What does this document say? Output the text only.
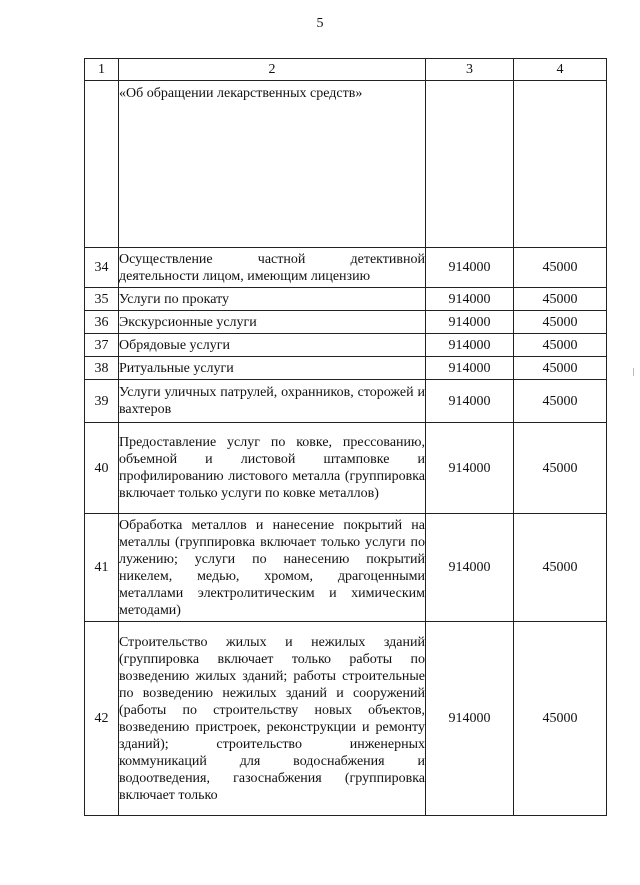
5
1	2	3	4
	«Об обращении лекарственных средств»		
34	Осуществление частной детективной деятельности лицом, имеющим лицензию	914000	45000
35	Услуги по прокату	914000	45000
36	Экскурсионные услуги	914000	45000
37	Обрядовые услуги	914000	45000
38	Ритуальные услуги	914000	45000
39	Услуги уличных патрулей, охранников, сторожей и вахтеров	914000	45000
40	Предоставление услуг по ковке, прессованию, объемной и листовой штамповке и профилированию листового металла (группировка включает только услуги по ковке металлов)	914000	45000
41	Обработка металлов и нанесение покрытий на металлы (группировка включает только услуги по лужению; услуги по нанесению покрытий никелем, медью, хромом, драгоценными металлами электролитическим и химическим методами)	914000	45000
42	Строительство жилых и нежилых зданий (группировка включает только работы по возведению жилых зданий; работы строительные по возведению нежилых зданий и сооружений (работы по строительству новых объектов, возведению пристроек, реконструкции и ремонту зданий); строительство инженерных коммуникаций для водоснабжения и водоотведения, газоснабжения (группировка включает только	914000	45000
